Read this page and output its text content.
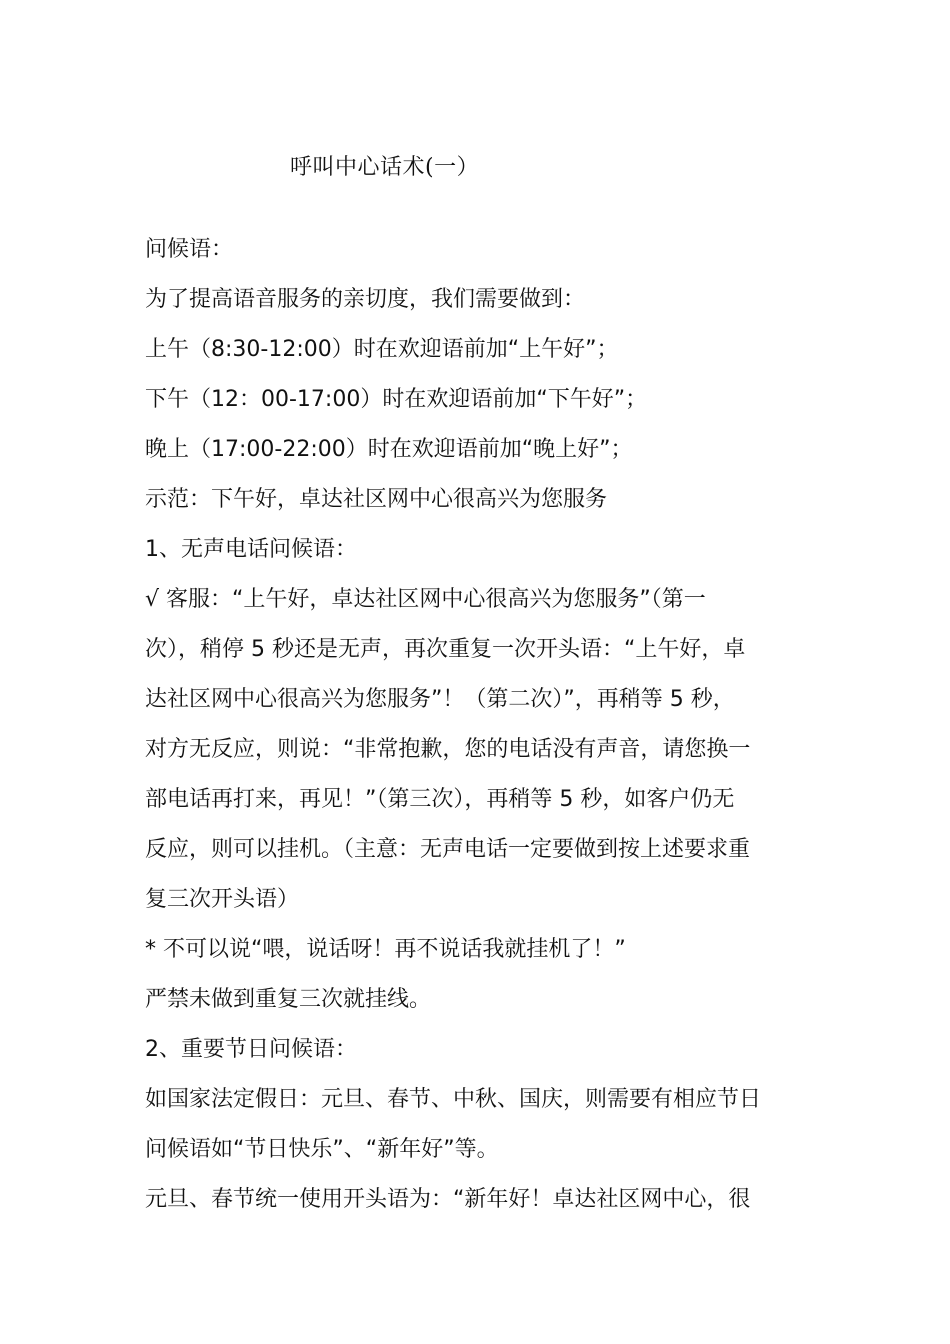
呼叫中心话术(一）
问候语：
为了提高语音服务的亲切度，我们需要做到：
上午（8:30-12:00）时在欢迎语前加“上午好”；
下午（12：00-17:00）时在欢迎语前加“下午好”；
晚上（17:00-22:00）时在欢迎语前加“晚上好”；
示范：下午好，卓达社区网中心很高兴为您服务
1、无声电话问候语：
√ 客服：“上午好，卓达社区网中心很高兴为您服务”（第一
次），稍停 5 秒还是无声，再次重复一次开头语：“上午好，卓
达社区网中心很高兴为您服务”！（第二次）”，再稍等 5 秒，
对方无反应，则说：“非常抱歉，您的电话没有声音，请您换一
部电话再打来，再见！”（第三次），再稍等 5 秒，如客户仍无
反应，则可以挂机。（主意：无声电话一定要做到按上述要求重
复三次开头语）
* 不可以说“喂，说话呀！再不说话我就挂机了！”
严禁未做到重复三次就挂线。
2、重要节日问候语：
如国家法定假日：元旦、春节、中秋、国庆，则需要有相应节日
问候语如“节日快乐”、“新年好”等。
元旦、春节统一使用开头语为：“新年好！卓达社区网中心，很
